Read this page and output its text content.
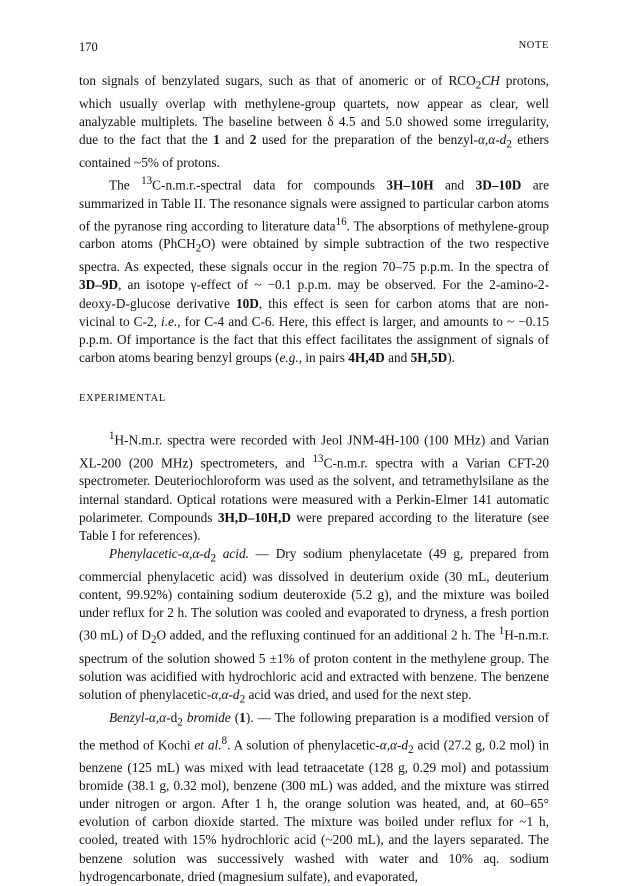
170	NOTE

ton signals of benzylated sugars, such as that of anomeric or of $RCO_2CH$ protons, which usually overlap with methylene-group quartets, now appear as clear, well analyzable multiplets. The baseline between δ 4.5 and 5.0 showed some irregularity, due to the fact that the 1 and 2 used for the preparation of the benzyl-$\alpha,\alpha-d_2$ ethers contained ~5% of protons.

The $^{13}$C-n.m.r.-spectral data for compounds 3H–10H and 3D–10D are summarized in Table II. The resonance signals were assigned to particular carbon atoms of the pyranose ring according to literature data$^{16}$. The absorptions of methylene-group carbon atoms (PhCH$_2$O) were obtained by simple subtraction of the two respective spectra. As expected, these signals occur in the region 70–75 p.p.m. In the spectra of 3D–9D, an isotope γ-effect of ~ −0.1 p.p.m. may be observed. For the 2-amino-2-deoxy-D-glucose derivative 10D, this effect is seen for carbon atoms that are non-vicinal to C-2, i.e., for C-4 and C-6. Here, this effect is larger, and amounts to ~ −0.15 p.p.m. Of importance is the fact that this effect facilitates the assignment of signals of carbon atoms bearing benzyl groups (e.g., in pairs 4H,4D and 5H,5D).

EXPERIMENTAL

$^1$H-N.m.r. spectra were recorded with Jeol JNM-4H-100 (100 MHz) and Varian XL-200 (200 MHz) spectrometers, and $^{13}$C-n.m.r. spectra with a Varian CFT-20 spectrometer. Deuteriochloroform was used as the solvent, and tetramethylsilane as the internal standard. Optical rotations were measured with a Perkin-Elmer 141 automatic polarimeter. Compounds 3H,D–10H,D were prepared according to the literature (see Table I for references).

Phenylacetic-$\alpha,\alpha-d_2$ acid. — Dry sodium phenylacetate (49 g, prepared from commercial phenylacetic acid) was dissolved in deuterium oxide (30 mL, deuterium content, 99.92%) containing sodium deuteroxide (5.2 g), and the mixture was boiled under reflux for 2 h. The solution was cooled and evaporated to dryness, a fresh portion (30 mL) of $D_2O$ added, and the refluxing continued for an additional 2 h. The $^1$H-n.m.r. spectrum of the solution showed 5 ±1% of proton content in the methylene group. The solution was acidified with hydrochloric acid and extracted with benzene. The benzene solution of phenylacetic-$\alpha,\alpha-d_2$ acid was dried, and used for the next step.

Benzyl-$\alpha,\alpha-d_2$ bromide (1). — The following preparation is a modified version of the method of Kochi et al.$^8$. A solution of phenylacetic-$\alpha,\alpha-d_2$ acid (27.2 g, 0.2 mol) in benzene (125 mL) was mixed with lead tetraacetate (128 g, 0.29 mol) and potassium bromide (38.1 g, 0.32 mol), benzene (300 mL) was added, and the mixture was stirred under nitrogen or argon. After 1 h, the orange solution was heated, and, at 60–65° evolution of carbon dioxide started. The mixture was boiled under reflux for ~1 h, cooled, treated with 15% hydrochloric acid (~200 mL), and the layers separated. The benzene solution was successively washed with water and 10% aq. sodium hydrogencarbonate, dried (magnesium sulfate), and evaporated,
